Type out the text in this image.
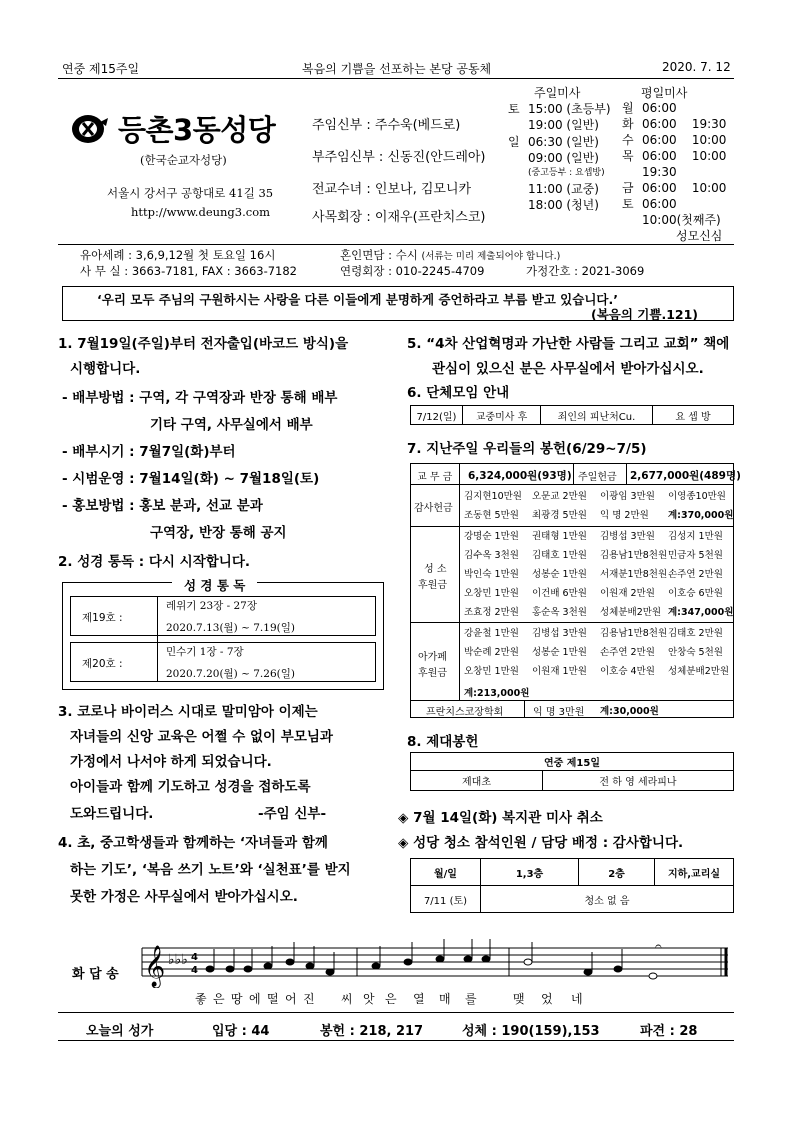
연중 제15주일	복음의 기쁨을 선포하는 본당 공동체	2020. 7. 12
등촌3동성당
(한국순교자성당)
서울시 강서구 공항대로 41길 35
http://www.deung3.com
주임신부 : 주수욱(베드로)
부주임신부 : 신동진(안드레아)
전교수녀 : 인보나, 김모니카
사목회장 : 이재우(프란치스코)
주일미사	평일미사
토 15:00 (초등부)
19:00 (일반)
일 06:30 (일반)
09:00 (일반)
(중고등부 : 요셉방)
11:00 (교중)
18:00 (청년)
월 06:00
화 06:00    19:30
수 06:00    10:00
목 06:00    10:00
19:30
금 06:00    10:00
토 06:00
10:00(첫째주)
성모신심
유아세례 : 3,6,9,12월 첫 토요일 16시	혼인면담 : 수시 (서류는 미리 제출되어야 합니다.)
사 무 실 : 3663-7181, FAX : 3663-7182	연령회장 : 010-2245-4709	가정간호 : 2021-3069
‘우리 모두 주님의 구원하시는 사랑을 다른 이들에게 분명하게 증언하라고 부름 받고 있습니다.’
(복음의 기쁨.121)
1. 7월19일(주일)부터 전자출입(바코드 방식)을
시행합니다.
- 배부방법 : 구역, 각 구역장과 반장 통해 배부
기타 구역, 사무실에서 배부
- 배부시기 : 7월7일(화)부터
- 시범운영 : 7월14일(화) ~ 7월18일(토)
- 홍보방법 : 홍보 분과, 선교 분과
구역장, 반장 통해 공지
2. 성경 통독 : 다시 시작합니다.
성 경 통 독
제19호 :
레위기 23장 - 27장
2020.7.13(월) ~ 7.19(일)
제20호 :
민수기 1장 - 7장
2020.7.20(월) ~ 7.26(일)
3. 코로나 바이러스 시대로 말미암아 이제는
자녀들의 신앙 교육은 어쩔 수 없이 부모님과
가정에서 나서야 하게 되었습니다.
아이들과 함께 기도하고 성경을 접하도록
도와드립니다.	-주임 신부-
4. 초, 중고학생들과 함께하는 ‘자녀들과 함께
하는 기도’, ‘복음 쓰기 노트’와 ‘실천표’를 받지
못한 가정은 사무실에서 받아가십시오.
5. “4차 산업혁명과 가난한 사람들 그리고 교회” 책에
관심이 있으신 분은 사무실에서 받아가십시오.
6. 단체모임 안내
7/12(일)	교중미사 후	죄인의 피난처Cu.	요 셉 방
7. 지난주일 우리들의 봉헌(6/29~7/5)
교 무 금 6,324,000원(93명) 주일헌금 2,677,000원(489명)
감사헌금
김지현10만원 오문교 2만원 이광임 3만원 이영종10만원
조동현 5만원 최광경 5만원 익 명 2만원 계:370,000원
성 소
후원금
강명순 1만원 권태형 1만원 김병섭 3만원 김성지 1만원
김수옥 3천원 김태호 1만원 김용남1만8천원 민금자 5천원
박인숙 1만원 성봉순 1만원 서재분1만8천원 손주연 2만원
오창민 1만원 이건배 6만원 이원재 2만원 이호승 6만원
조효정 2만원 홍순옥 3천원 성체분배2만원 계:347,000원
아가페
후원금
강윤철 1만원 김병섭 3만원 김용남1만8천원 김태호 2만원
박순례 2만원 성봉순 1만원 손주연 2만원 안창숙 5천원
오창민 1만원 이원재 1만원 이호승 4만원 성체분배2만원
계:213,000원
프란치스코장학회	익 명 3만원 계:30,000원
8. 제대봉헌
연중 제15일
제대초	전 하 영 세라피나
◈ 7월 14일(화) 복지관 미사 취소
◈ 성당 청소 참석인원 / 담당 배정 : 감사합니다.
월/일	1,3층	2층	지하,교리실
7/11 (토)	청소 없 음		
화 답 송 𝄞 ♭♭♭ 4
4
𝄐
좋 은 땅 에 떨 어 진 씨 앗 은 열 매 를	맺 었 네
오늘의 성가	입당 : 44	봉헌 : 218, 217	성체 : 190(159),153	파견 : 28
